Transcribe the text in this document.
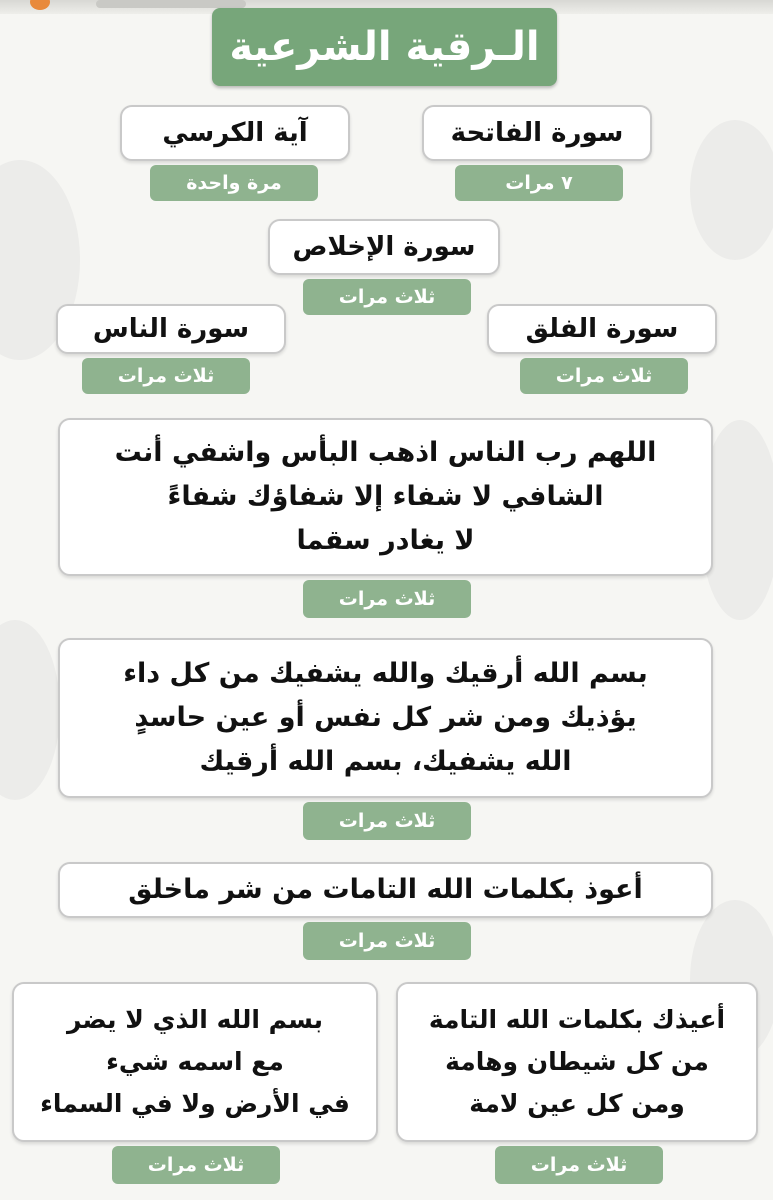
الـرقية الشرعية
آية الكرسي
مرة واحدة
سورة الفاتحة
٧ مرات
سورة الإخلاص
ثلاث مرات
سورة الناس
ثلاث مرات
سورة الفلق
ثلاث مرات
اللهم رب الناس اذهب البأس واشفي أنت
الشافي لا شفاء إلا شفاؤك شفاءً
لا يغادر سقما
ثلاث مرات
بسم الله أرقيك والله يشفيك من كل داء
يؤذيك ومن شر كل نفس أو عين حاسدٍ
الله يشفيك، بسم الله أرقيك
ثلاث مرات
أعوذ بكلمات الله التامات من شر ماخلق
ثلاث مرات
بسم الله الذي لا يضر
مع اسمه شيء
في الأرض ولا في السماء
ثلاث مرات
أعيذك بكلمات الله التامة
من كل شيطان وهامة
ومن كل عين لامة
ثلاث مرات
